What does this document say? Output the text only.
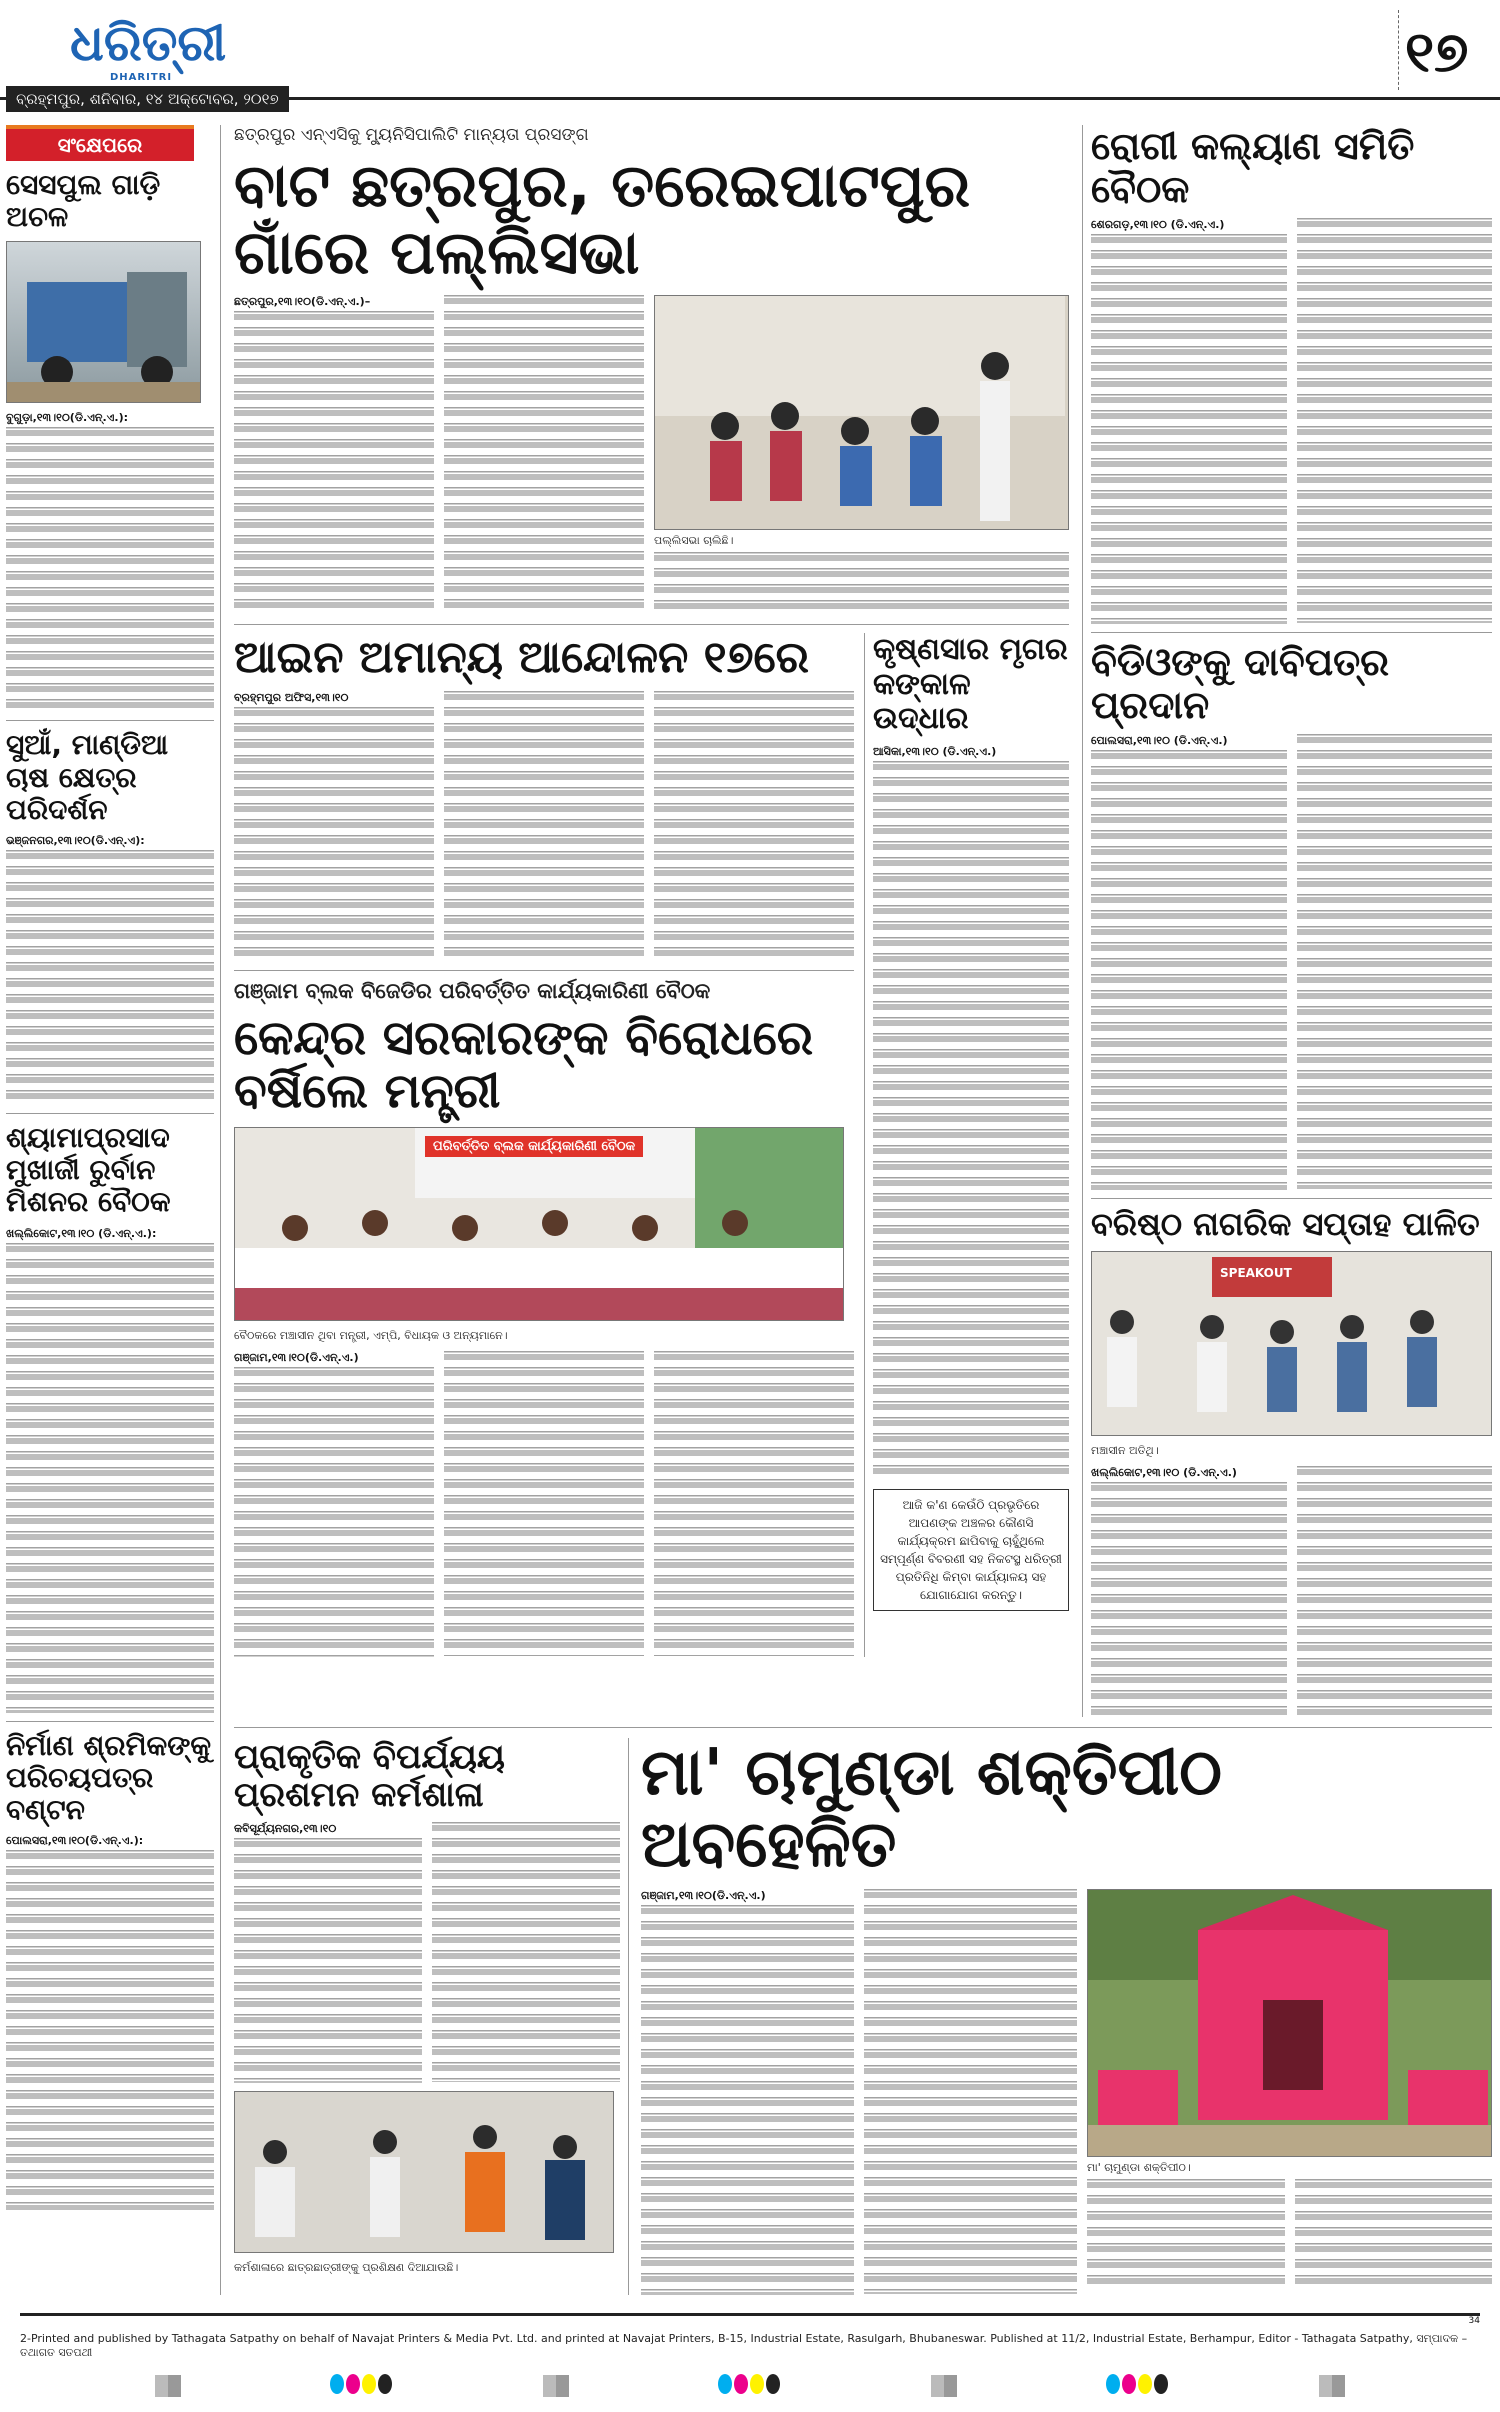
ଧରିତ୍ରୀ
DHARITRI
ବ୍ରହ୍ମପୁର, ଶନିବାର, ୧୪ ଅକ୍ଟୋବର, ୨୦୧୭
୧୭
ସଂକ୍ଷେପରେ
ସେସପୁଲ ଗାଡ଼ି ଅଚଳ
ବୁଗୁଡ଼ା,୧୩।୧୦(ଡି.ଏନ୍.ଏ.):
ସୁଆଁ, ମାଣ୍ଡିଆ ଚାଷ କ୍ଷେତ୍ର ପରିଦର୍ଶନ
ଭଞ୍ଜନଗର,୧୩।୧୦(ଡି.ଏନ୍.ଏ):
ଶ୍ୟାମାପ୍ରସାଦ ମୁଖାର୍ଜୀ ରୁର୍ବାନ ମିଶନର ବୈଠକ
ଖଲ୍ଲିକୋଟ,୧୩।୧୦ (ଡି.ଏନ୍.ଏ.):
ନିର୍ମାଣ ଶ୍ରମିକଙ୍କୁ ପରିଚୟପତ୍ର ବଣ୍ଟନ
ପୋଲସରା,୧୩।୧୦(ଡି.ଏନ୍.ଏ.):
ଛତ୍ରପୁର ଏନ୍‌ଏସିକୁ ମ୍ୟୁନିସିପାଲିଟି ମାନ୍ୟତା ପ୍ରସଙ୍ଗ
ବାଟ ଛତ୍ରପୁର, ତରେଇପାଟପୁର ଗାଁରେ ପଲ୍ଲିସଭା
ଛତ୍ରପୁର,୧୩।୧୦(ଡି.ଏନ୍.ଏ.)–
ପଲ୍ଲିସଭା ଚାଲିଛି।
ଆଇନ ଅମାନ୍ୟ ଆନ୍ଦୋଳନ ୧୭ରେ
ବ୍ରହ୍ମପୁର ଅଫିସ,୧୩।୧୦
ଗଞ୍ଜାମ ବ୍ଲକ ବିଜେଡିର ପରିବର୍ତ୍ତିତ କାର୍ଯ୍ୟକାରିଣୀ ବୈଠକ
କେନ୍ଦ୍ର ସରକାରଙ୍କ ବିରୋଧରେ ବର୍ଷିଲେ ମନ୍ତ୍ରୀ
ପରିବର୍ତ୍ତିତ ବ୍ଲକ କାର୍ଯ୍ୟକାରିଣୀ ବୈଠକ
ବୈଠକରେ ମଞ୍ଚାସୀନ ଥିବା ମନ୍ତ୍ରୀ, ଏମ୍‌ପି, ବିଧାୟକ ଓ ଅନ୍ୟମାନେ।
ଗଞ୍ଜାମ,୧୩।୧୦(ଡି.ଏନ୍.ଏ.)
କୃଷ୍ଣସାର ମୃଗର କଙ୍କାଳ ଉଦ୍ଧାର
ଆସିକା,୧୩।୧୦ (ଡି.ଏନ୍.ଏ.)
ଆଜି କ'ଣ କେଉଁଠି ପ୍ରଭୃତିରେ ଆପଣଙ୍କ ଅଞ୍ଚଳର କୌଣସି କାର୍ଯ୍ୟକ୍ରମ ଛାପିବାକୁ ଚାହୁଁଥିଲେ ସମ୍ପୂର୍ଣ୍ଣ ବିବରଣୀ ସହ ନିକଟସ୍ଥ ଧରିତ୍ରୀ ପ୍ରତିନିଧି କିମ୍ବା କାର୍ଯ୍ୟାଳୟ ସହ ଯୋଗାଯୋଗ କରନ୍ତୁ।
ରୋଗୀ କଲ୍ୟାଣ ସମିତି ବୈଠକ
ଶେରଗଡ଼,୧୩।୧୦ (ଡି.ଏନ୍.ଏ.)
ବିଡିଓଙ୍କୁ ଦାବିପତ୍ର ପ୍ରଦାନ
ପୋଲସରା,୧୩।୧୦ (ଡି.ଏନ୍.ଏ.)
ବରିଷ୍ଠ ନାଗରିକ ସପ୍ତାହ ପାଳିତ
SPEAKOUT
ମଞ୍ଚାସୀନ ଅତିଥି।
ଖଲ୍ଲିକୋଟ,୧୩।୧୦ (ଡି.ଏନ୍.ଏ.)
ପ୍ରାକୃତିକ ବିପର୍ଯ୍ୟୟ ପ୍ରଶମନ କର୍ମଶାଳା
କବିସୂର୍ଯ୍ୟନଗର,୧୩।୧୦
କର୍ମଶାଳାରେ ଛାତ୍ରଛାତ୍ରୀଙ୍କୁ ପ୍ରଶିକ୍ଷଣ ଦିଆଯାଉଛି।
ମା' ଚାମୁଣ୍ଡା ଶକ୍ତିପୀଠ ଅବହେଳିତ
ଗଞ୍ଜାମ,୧୩।୧୦(ଡି.ଏନ୍.ଏ.)
ମା' ଚାମୁଣ୍ଡା ଶକ୍ତିପୀଠ।
34
2-Printed and published by Tathagata Satpathy on behalf of Navajat Printers & Media Pvt. Ltd. and printed at Navajat Printers, B-15, Industrial Estate, Rasulgarh, Bhubaneswar. Published at 11/2, Industrial Estate, Berhampur, Editor - Tathagata Satpathy, ସମ୍ପାଦକ – ତଥାଗତ ସତପଥୀ
